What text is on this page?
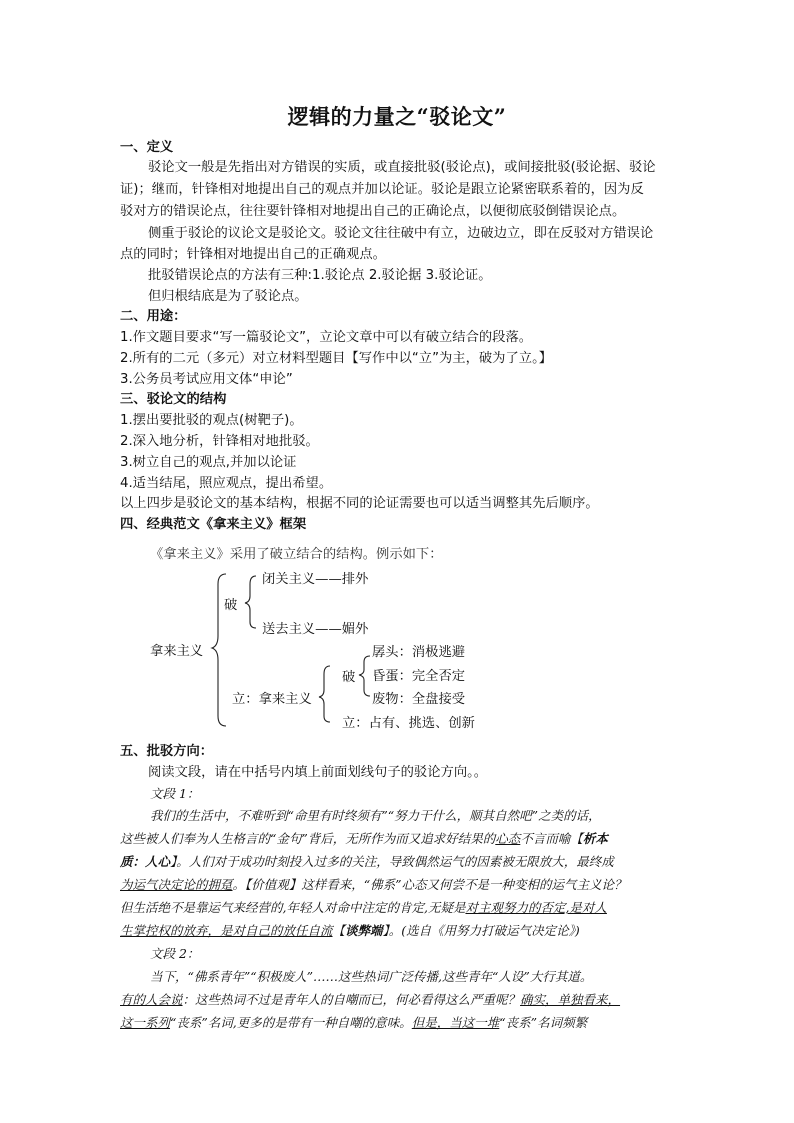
逻辑的力量之“驳论文”
一、定义
驳论文一般是先指出对方错误的实质，或直接批驳(驳论点)，或间接批驳(驳论据、驳论
证)；继而，针锋相对地提出自己的观点并加以论证。驳论是跟立论紧密联系着的，因为反
驳对方的错误论点，往往要针锋相对地提出自己的正确论点，以便彻底驳倒错误论点。
侧重于驳论的议论文是驳论文。驳论文往往破中有立，边破边立，即在反驳对方错误论
点的同时；针锋相对地提出自己的正确观点。
批驳错误论点的方法有三种:1.驳论点 2.驳论据 3.驳论证。
但归根结底是为了驳论点。
二、用途：
1.作文题目要求“写一篇驳论文”，立论文章中可以有破立结合的段落。
2.所有的二元（多元）对立材料型题目【写作中以“立”为主，破为了立。】
3.公务员考试应用文体“申论”
三、驳论文的结构
1.摆出要批驳的观点(树靶子)。
2.深入地分析，针锋相对地批驳。
3.树立自己的观点,并加以论证
4.适当结尾，照应观点，提出希望。
以上四步是驳论文的基本结构，根据不同的论证需要也可以适当调整其先后顺序。
四、经典范文《拿来主义》框架
《拿来主义》采用了破立结合的结构。例示如下：
拿来主义
破
闭关主义——排外
送去主义——媚外
立：拿来主义
破
孱头：消极逃避
昏蛋：完全否定
废物：全盘接受
立：占有、挑选、创新
五、批驳方向：
阅读文段，请在中括号内填上前面划线句子的驳论方向。。
文段 1：
我们的生活中，不难听到“命里有时终须有”“努力干什么，顺其自然吧”之类的话，
这些被人们奉为人生格言的“金句”背后，无所作为而又追求好结果的心态不言而喻【析本
质：人心】。人们对于成功时刻投入过多的关注，导致偶然运气的因素被无限放大，最终成
为运气决定论的拥趸。【价值观】这样看来，“佛系”心态又何尝不是一种变相的运气主义论？
但生活绝不是靠运气来经营的,年轻人对命中注定的肯定,无疑是对主观努力的否定,是对人
生掌控权的放弃，是对自己的放任自流【谈弊端】。(选自《用努力打破运气决定论》)
文段 2：
当下，“佛系青年”“积极废人”……这些热词广泛传播,这些青年“人设”大行其道。
有的人会说：这些热词不过是青年人的自嘲而已，何必看得这么严重呢？确实，单独看来，
这一系列“丧系”名词,更多的是带有一种自嘲的意味。但是，当这一堆“丧系”名词频繁
